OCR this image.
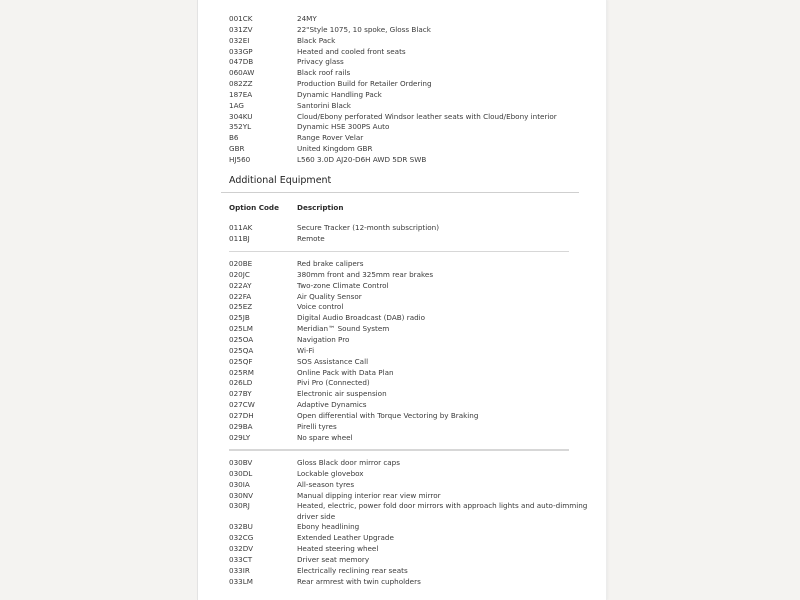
001CK	24MY
031ZV	22"Style 1075, 10 spoke, Gloss Black
032EI	Black Pack
033GP	Heated and cooled front seats
047DB	Privacy glass
060AW	Black roof rails
082ZZ	Production Build for Retailer Ordering
187EA	Dynamic Handling Pack
1AG	Santorini Black
304KU	Cloud/Ebony perforated Windsor leather seats with Cloud/Ebony interior
352YL	Dynamic HSE 300PS Auto
B6	Range Rover Velar
GBR	United Kingdom GBR
HJ560	L560 3.0D AJ20-D6H AWD 5DR SWB
Additional Equipment
Option Code	Description
011AK	Secure Tracker (12-month subscription)
011BJ	Remote
020BE	Red brake calipers
020JC	380mm front and 325mm rear brakes
022AY	Two-zone Climate Control
022FA	Air Quality Sensor
025EZ	Voice control
025JB	Digital Audio Broadcast (DAB) radio
025LM	Meridian™ Sound System
025OA	Navigation Pro
025QA	Wi-Fi
025QF	SOS Assistance Call
025RM	Online Pack with Data Plan
026LD	Pivi Pro (Connected)
027BY	Electronic air suspension
027CW	Adaptive Dynamics
027DH	Open differential with Torque Vectoring by Braking
029BA	Pirelli tyres
029LY	No spare wheel
030BV	Gloss Black door mirror caps
030DL	Lockable glovebox
030IA	All-season tyres
030NV	Manual dipping interior rear view mirror
030RJ	Heated, electric, power fold door mirrors with approach lights and auto-dimming driver side
032BU	Ebony headlining
032CG	Extended Leather Upgrade
032DV	Heated steering wheel
033CT	Driver seat memory
033IR	Electrically reclining rear seats
033LM	Rear armrest with twin cupholders
